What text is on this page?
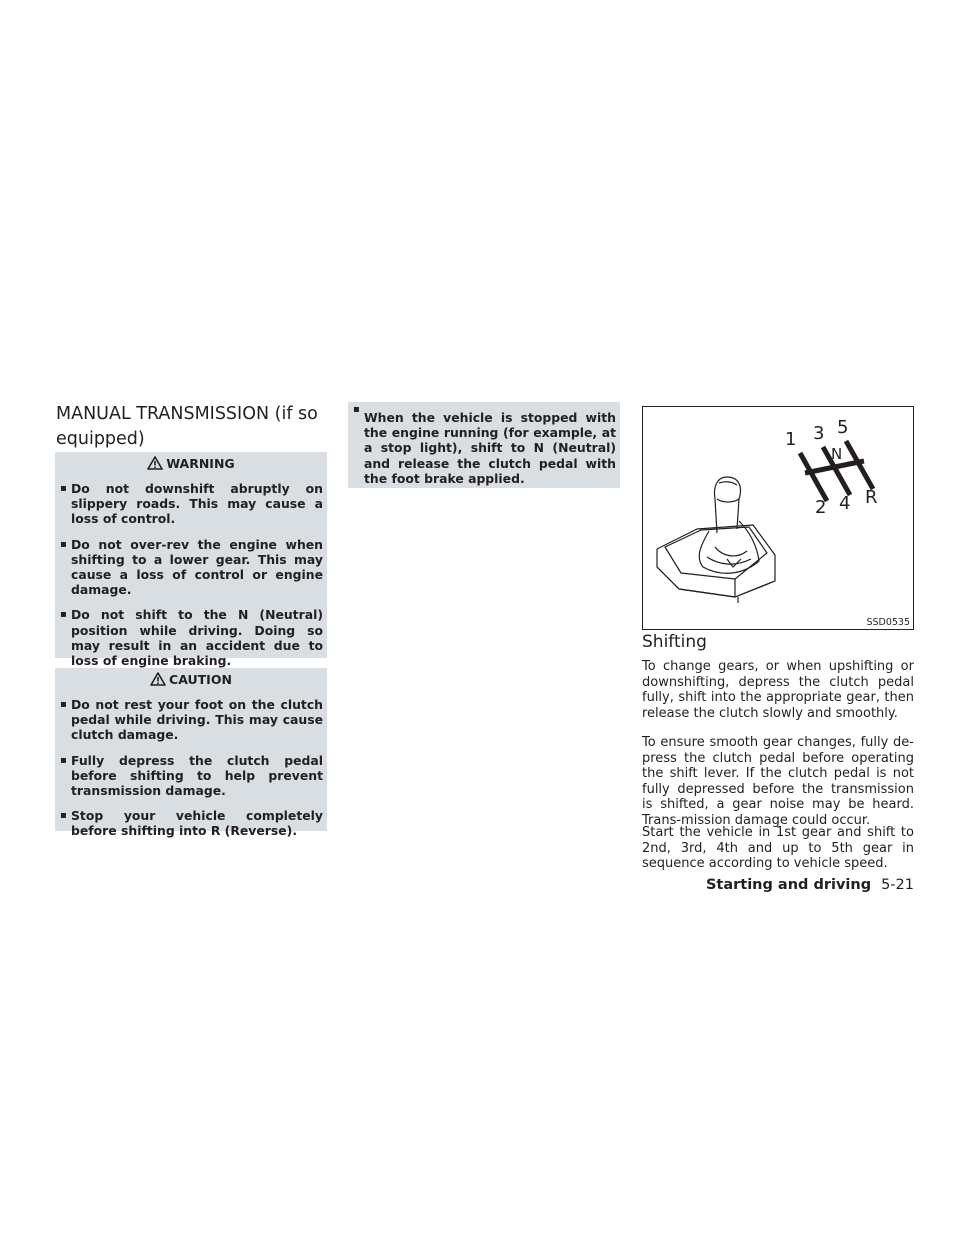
MANUAL TRANSMISSION (if so equipped)
WARNING
▪ Do not downshift abruptly on slippery roads. This may cause a loss of control.
▪ Do not over-rev the engine when shifting to a lower gear. This may cause a loss of control or engine damage.
▪ Do not shift to the N (Neutral) position while driving. Doing so may result in an accident due to loss of engine braking.
CAUTION
▪ Do not rest your foot on the clutch pedal while driving. This may cause clutch damage.
▪ Fully depress the clutch pedal before shifting to help prevent transmission damage.
▪ Stop your vehicle completely before shifting into R (Reverse).
▪ When the vehicle is stopped with the engine running (for example, at a stop light), shift to N (Neutral) and release the clutch pedal with the foot brake applied.
1 3 5
N
2 4 R
SSD0535
Shifting

To change gears, or when upshifting or downshifting, depress the clutch pedal fully, shift into the appropriate gear, then release the clutch slowly and smoothly.

To ensure smooth gear changes, fully de-press the clutch pedal before operating the shift lever. If the clutch pedal is not fully depressed before the transmission is shifted, a gear noise may be heard. Trans-mission damage could occur.

Start the vehicle in 1st gear and shift to 2nd, 3rd, 4th and up to 5th gear in sequence according to vehicle speed.

Starting and driving 5-21
